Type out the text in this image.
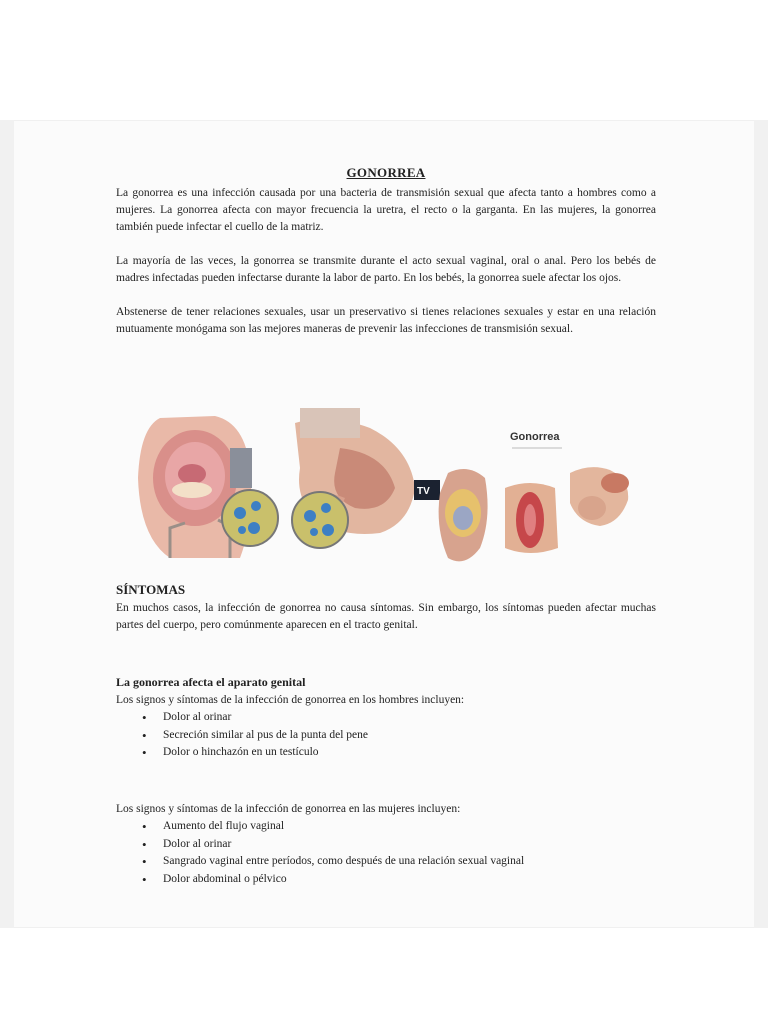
GONORREA

La gonorrea es una infección causada por una bacteria de transmisión sexual que afecta tanto a hombres como a mujeres. La gonorrea afecta con mayor frecuencia la uretra, el recto o la garganta. En las mujeres, la gonorrea también puede infectar el cuello de la matriz.

La mayoría de las veces, la gonorrea se transmite durante el acto sexual vaginal, oral o anal. Pero los bebés de madres infectadas pueden infectarse durante la labor de parto. En los bebés, la gonorrea suele afectar los ojos.

Abstenerse de tener relaciones sexuales, usar un preservativo si tienes relaciones sexuales y estar en una relación mutuamente monógama son las mejores maneras de prevenir las infecciones de transmisión sexual.

TV
Gonorrea
SÍNTOMAS

En muchos casos, la infección de gonorrea no causa síntomas. Sin embargo, los síntomas pueden afectar muchas partes del cuerpo, pero comúnmente aparecen en el tracto genital.

La gonorrea afecta el aparato genital
Los signos y síntomas de la infección de gonorrea en los hombres incluyen:
• Dolor al orinar
• Secreción similar al pus de la punta del pene
• Dolor o hinchazón en un testículo
Los signos y síntomas de la infección de gonorrea en las mujeres incluyen:
• Aumento del flujo vaginal
• Dolor al orinar
• Sangrado vaginal entre períodos, como después de una relación sexual vaginal
• Dolor abdominal o pélvico
